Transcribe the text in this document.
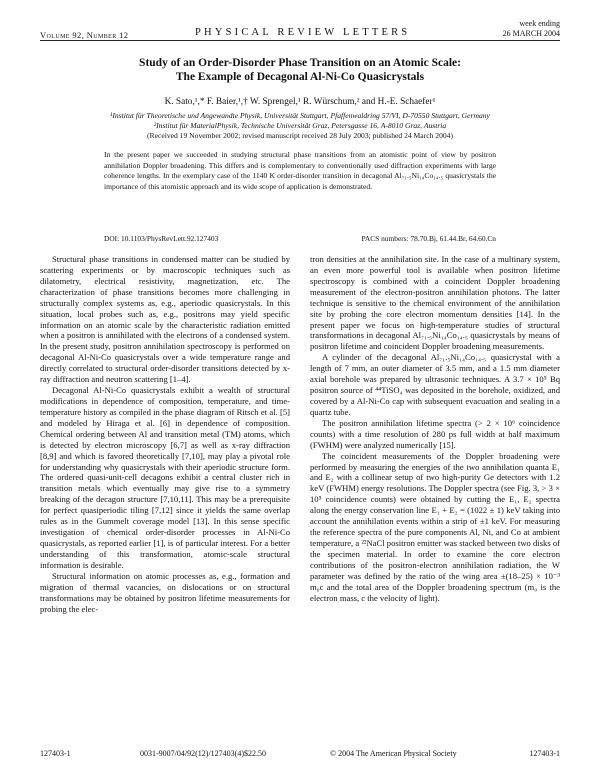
Volume 92, Number 12	PHYSICAL REVIEW LETTERS
week ending
26 MARCH 2004
Study of an Order-Disorder Phase Transition on an Atomic Scale:
The Example of Decagonal Al-Ni-Co Quasicrystals
K. Sato,¹,* F. Baier,¹,† W. Sprengel,¹ R. Würschum,² and H.-E. Schaefer¹
¹Institut für Theoretische und Angewandte Physik, Universität Stuttgart, Pfaffenwaldring 57/VI, D-70550 Stuttgart, Germany
²Institut für MaterialPhysik, Technische Universität Graz, Petersgasse 16, A-8010 Graz, Austria
(Received 19 November 2002; revised manuscript received 28 July 2003; published 24 March 2004)
In the present paper we succeeded in studying structural phase transitions from an atomistic point of view by positron annihilation Doppler broadening. This differs and is complementary to conventionally used diffraction experiments with large coherence lengths. In the exemplary case of the 1140 K order-disorder transition in decagonal Al₇₁.₅Ni₁₄Co₁₄.₅ quasicrystals the importance of this atomistic approach and its wide scope of application is demonstrated.
DOI: 10.1103/PhysRevLett.92.127403	PACS numbers: 78.70.Bj, 61.44.Br, 64.60.Cn

Structural phase transitions in condensed matter can be studied by scattering experiments or by macroscopic techniques such as dilatometry, electrical resistivity, magnetization, etc. The characterization of phase transitions becomes more challenging in structurally complex systems as, e.g., aperiodic quasicrystals. In this situation, local probes such as, e.g., positrons may yield specific information on an atomic scale by the characteristic radiation emitted when a positron is annihilated with the electrons of a condensed system. In the present study, positron annihilation spectroscopy is performed on decagonal Al-Ni-Co quasicrystals over a wide temperature range and directly correlated to structural order-disorder transitions detected by x-ray diffraction and neutron scattering [1–4].

Decagonal Al-Ni-Co quasicrystals exhibit a wealth of structural modifications in dependence of composition, temperature, and time-temperature history as compiled in the phase diagram of Ritsch et al. [5] and modeled by Hiraga et al. [6] in dependence of composition. Chemical ordering between Al and transition metal (TM) atoms, which is detected by electron microscopy [6,7] as well as x-ray diffraction [8,9] and which is favored theoretically [7,10], may play a pivotal role for understanding why quasicrystals with their aperiodic structure form. The ordered quasi-unit-cell decagons exhibit a central cluster rich in transition metals which eventually may give rise to a symmetry breaking of the decagon structure [7,10,11]. This may be a prerequisite for perfect quasiperiodic tiling [7,12] since it yields the same overlap rules as in the Gummelt coverage model [13]. In this sense specific investigation of chemical order-disorder processes in Al-Ni-Co quasicrystals, as reported earlier [1], is of particular interest. For a better understanding of this transformation, atomic-scale structural information is desirable.

Structural information on atomic processes as, e.g., formation and migration of thermal vacancies, on dislocations or on structural transformations may be obtained by positron lifetime measurements for probing the elec-

tron densities at the annihilation site. In the case of a multinary system, an even more powerful tool is available when positron lifetime spectroscopy is combined with a coincident Doppler broadening measurement of the electron-positron annihilation photons. The latter technique is sensitive to the chemical environment of the annihilation site by probing the core electron momentum densities [14]. In the present paper we focus on high-temperature studies of structural transformations in decagonal Al₇₁.₅Ni₁₄Co₁₄.₅ quasicrystals by means of positron lifetime and coincident Doppler broadening measurements.

A cylinder of the decagonal Al₇₁.₅Ni₁₄Co₁₄.₅ quasicrystal with a length of 7 mm, an outer diameter of 3.5 mm, and a 1.5 mm diameter axial borehole was prepared by ultrasonic techniques. A 3.7 × 10⁵ Bq positron source of ⁴⁴TiSO₄ was deposited in the borehole, oxidized, and covered by a Al-Ni-Co cap with subsequent evacuation and sealing in a quartz tube.

The positron annihilation lifetime spectra (> 2 × 10⁶ coincidence counts) with a time resolution of 280 ps full width at half maximum (FWHM) were analyzed numerically [15].

The coincident measurements of the Doppler broadening were performed by measuring the energies of the two annihilation quanta E₁ and E₂ with a collinear setup of two high-purity Ge detectors with 1.2 keV (FWHM) energy resolutions. The Doppler spectra (see Fig. 3, > 3 × 10⁵ coincidence counts) were obtained by cutting the E₁, E₂ spectra along the energy conservation line E₁ + E₂ = (1022 ± 1) keV taking into account the annihilation events within a strip of ±1 keV. For measuring the reference spectra of the pure components Al, Ni, and Co at ambient temperature, a ²²NaCl positron emitter was stacked between two disks of the specimen material. In order to examine the core electron contributions of the positron-electron annihilation radiation, the W parameter was defined by the ratio of the wing area ±(18–25) × 10⁻³ m₀c and the total area of the Doppler broadening spectrum (m₀ is the electron mass, c the velocity of light).

127403-1	0031-9007/04/92(12)/127403(4)$22.50	© 2004 The American Physical Society	127403-1
